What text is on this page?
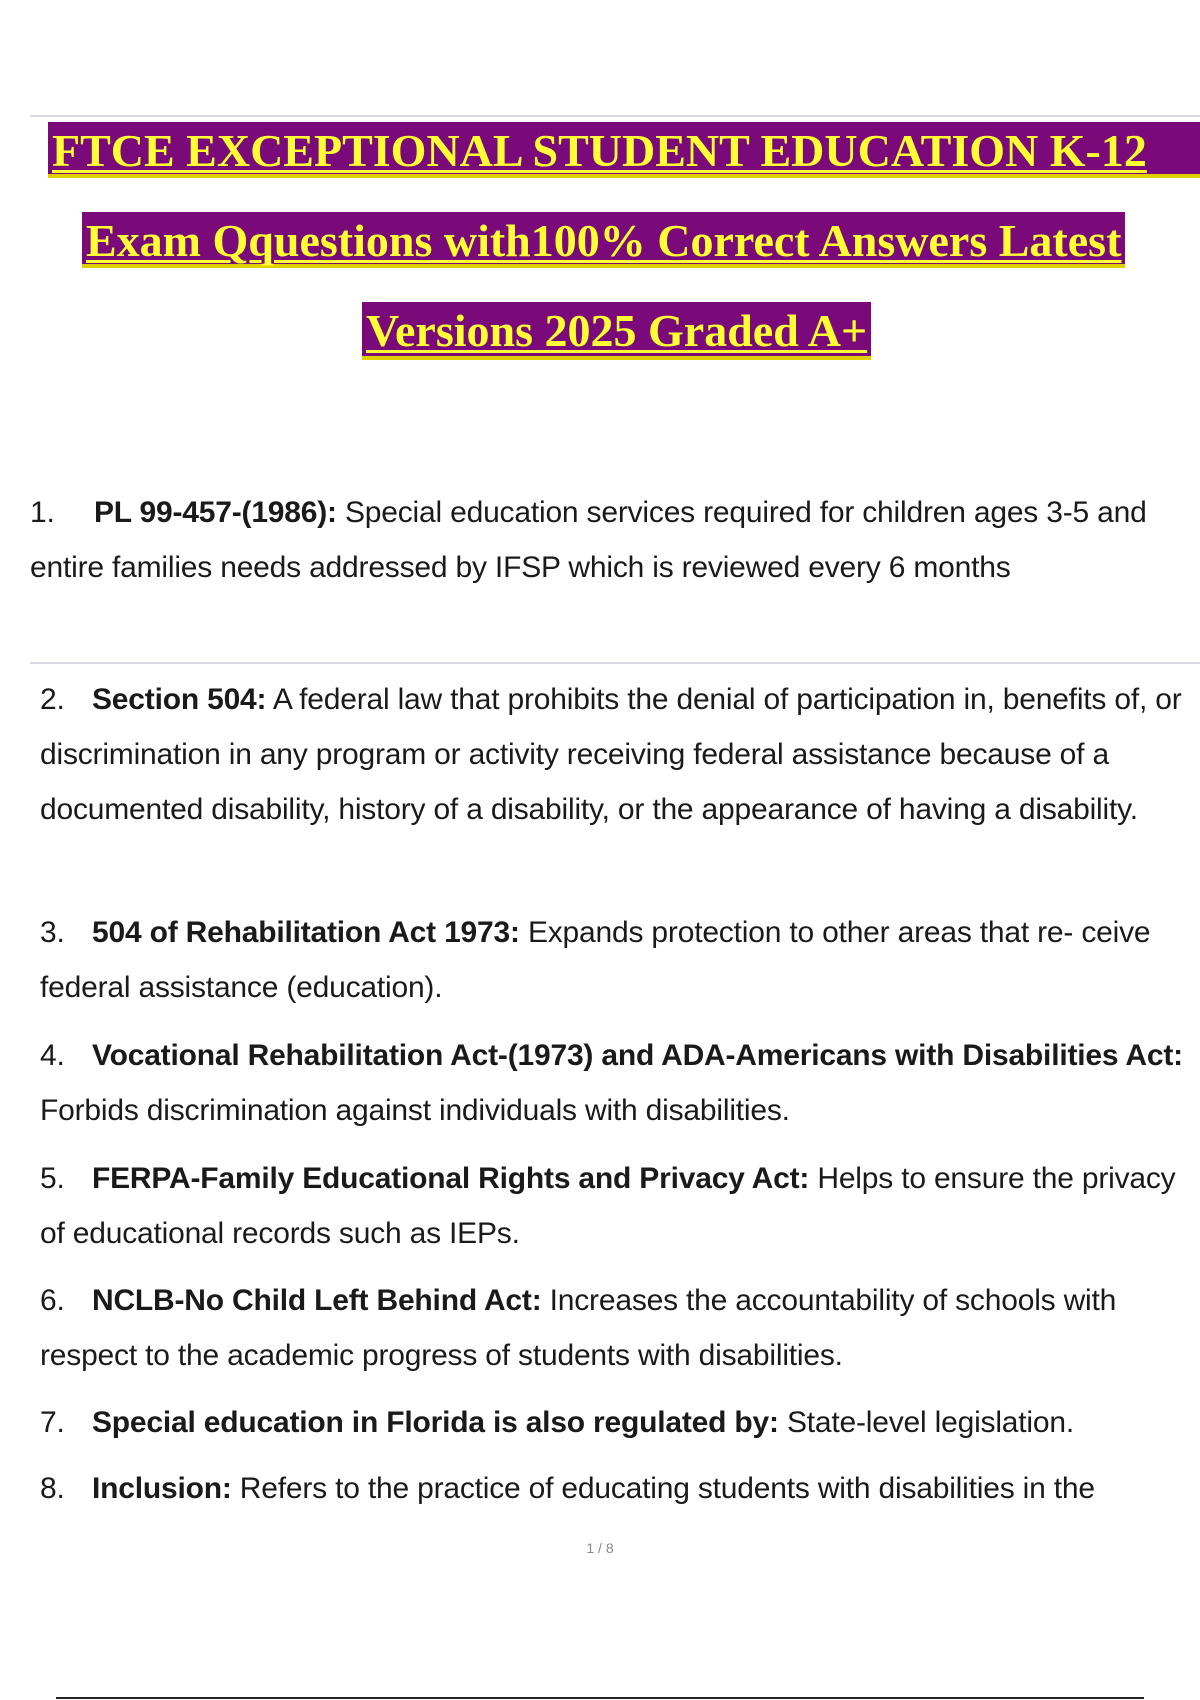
FTCE EXCEPTIONAL STUDENT EDUCATION K-12
Exam Qquestions with100% Correct Answers Latest
Versions 2025 Graded A+
1. PL 99-457-(1986): Special education services required for children ages 3-5 and entire families needs addressed by IFSP which is reviewed every 6 months
2. Section 504: A federal law that prohibits the denial of participation in, benefits of, or discrimination in any program or activity receiving federal assistance because of a documented disability, history of a disability, or the appearance of having a disability.
3. 504 of Rehabilitation Act 1973: Expands protection to other areas that re- ceive federal assistance (education).
4. Vocational Rehabilitation Act-(1973) and ADA-Americans with Disabilities Act: Forbids discrimination against individuals with disabilities.
5. FERPA-Family Educational Rights and Privacy Act: Helps to ensure the privacy of educational records such as IEPs.
6. NCLB-No Child Left Behind Act: Increases the accountability of schools with respect to the academic progress of students with disabilities.
7. Special education in Florida is also regulated by: State-level legislation.
8. Inclusion: Refers to the practice of educating students with disabilities in the
1 / 8
